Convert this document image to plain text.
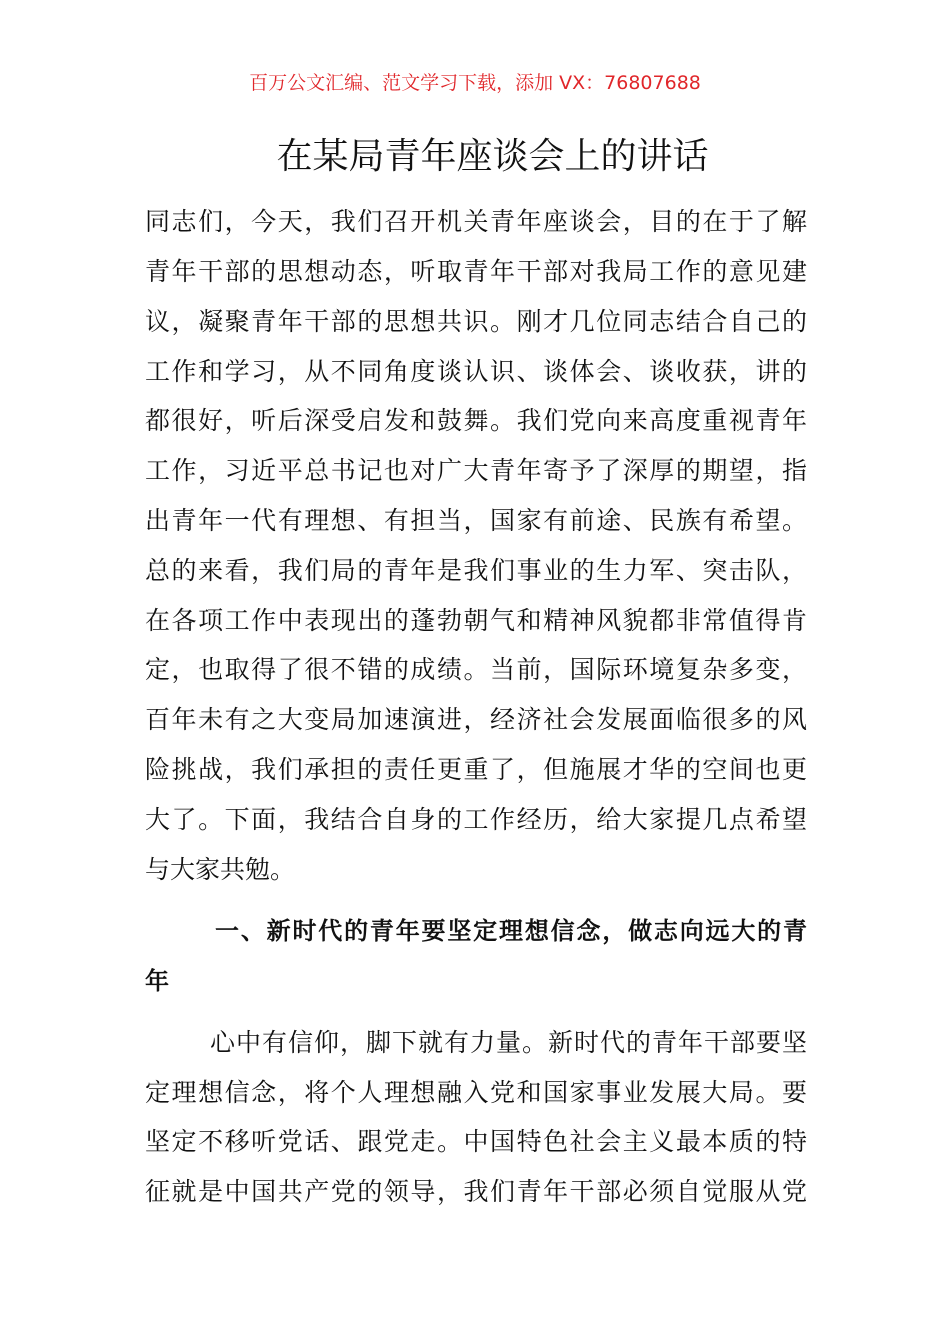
百万公文汇编、范文学习下载，添加 VX：76807688
在某局青年座谈会上的讲话
同志们，今天，我们召开机关青年座谈会，目的在于了解
青年干部的思想动态，听取青年干部对我局工作的意见建
议，凝聚青年干部的思想共识。刚才几位同志结合自己的
工作和学习，从不同角度谈认识、谈体会、谈收获，讲的
都很好，听后深受启发和鼓舞。我们党向来高度重视青年
工作，习近平总书记也对广大青年寄予了深厚的期望，指
出青年一代有理想、有担当，国家有前途、民族有希望。
总的来看，我们局的青年是我们事业的生力军、突击队，
在各项工作中表现出的蓬勃朝气和精神风貌都非常值得肯
定，也取得了很不错的成绩。当前，国际环境复杂多变，
百年未有之大变局加速演进，经济社会发展面临很多的风
险挑战，我们承担的责任更重了，但施展才华的空间也更
大了。下面，我结合自身的工作经历，给大家提几点希望
与大家共勉。
一、新时代的青年要坚定理想信念，做志向远大的青
年
心中有信仰，脚下就有力量。新时代的青年干部要坚
定理想信念，将个人理想融入党和国家事业发展大局。要
坚定不移听党话、跟党走。中国特色社会主义最本质的特
征就是中国共产党的领导，我们青年干部必须自觉服从党
